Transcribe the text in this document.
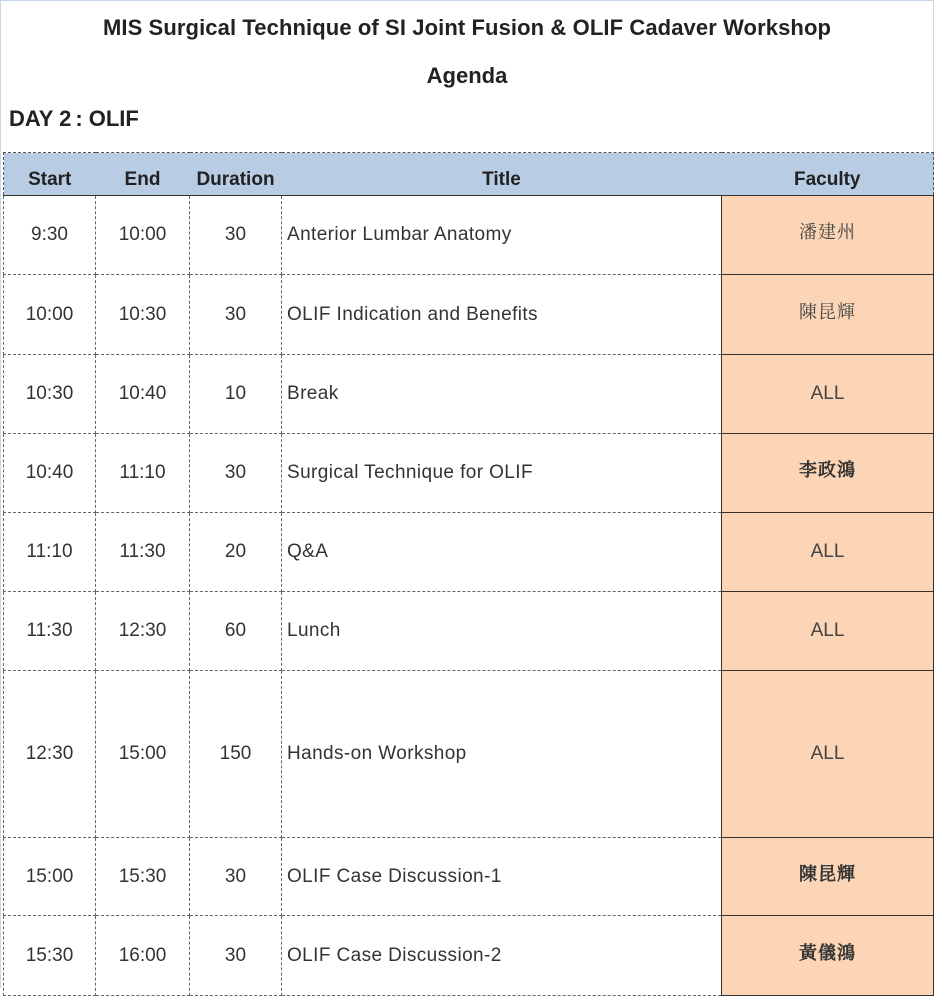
MIS Surgical Technique of SI Joint Fusion & OLIF Cadaver Workshop
Agenda
DAY 2 : OLIF
Start	End	Duration	Title	Faculty
9:30	10:00	30	Anterior Lumbar Anatomy	潘建州
10:00	10:30	30	OLIF Indication and Benefits	陳昆輝
10:30	10:40	10	Break	ALL
10:40	11:10	30	Surgical Technique for OLIF	李政鴻
11:10	11:30	20	Q&A	ALL
11:30	12:30	60	Lunch	ALL
12:30	15:00	150	Hands-on Workshop	ALL
15:00	15:30	30	OLIF Case Discussion-1	陳昆輝
15:30	16:00	30	OLIF Case Discussion-2	黃儀鴻
